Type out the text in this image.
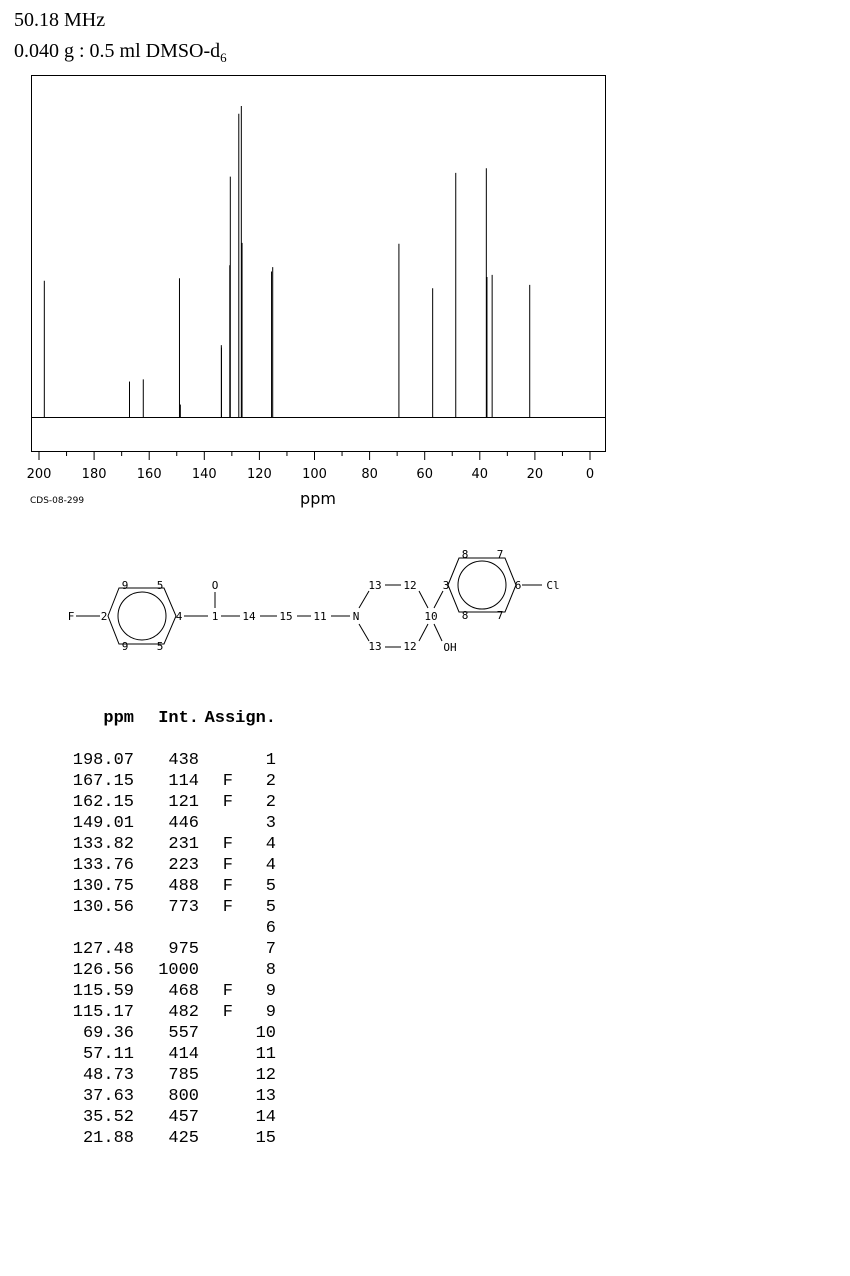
50.18 MHz
0.040 g : 0.5 ml DMSO-$d_6$
200 180 160 140 120 100	80	60	40	20	0
ppm
CDS-08-299
F 2
9	5
9	5
4
O
1 14 15 11 N
13 12
13 12
10
OH
3
8	7
8	7
6 Cl
ppm	Int.	Assign.	

198.07	438		1
167.15	114	F	2
162.15	121	F	2
149.01	446		3
133.82	231	F	4
133.76	223	F	4
130.75	488	F	5
130.56	773	F	5
			6
127.48	975		7
126.56	1000		8
115.59	468	F	9
115.17	482	F	9
69.36	557		10
57.11	414		11
48.73	785		12
37.63	800		13
35.52	457		14
21.88	425		15
